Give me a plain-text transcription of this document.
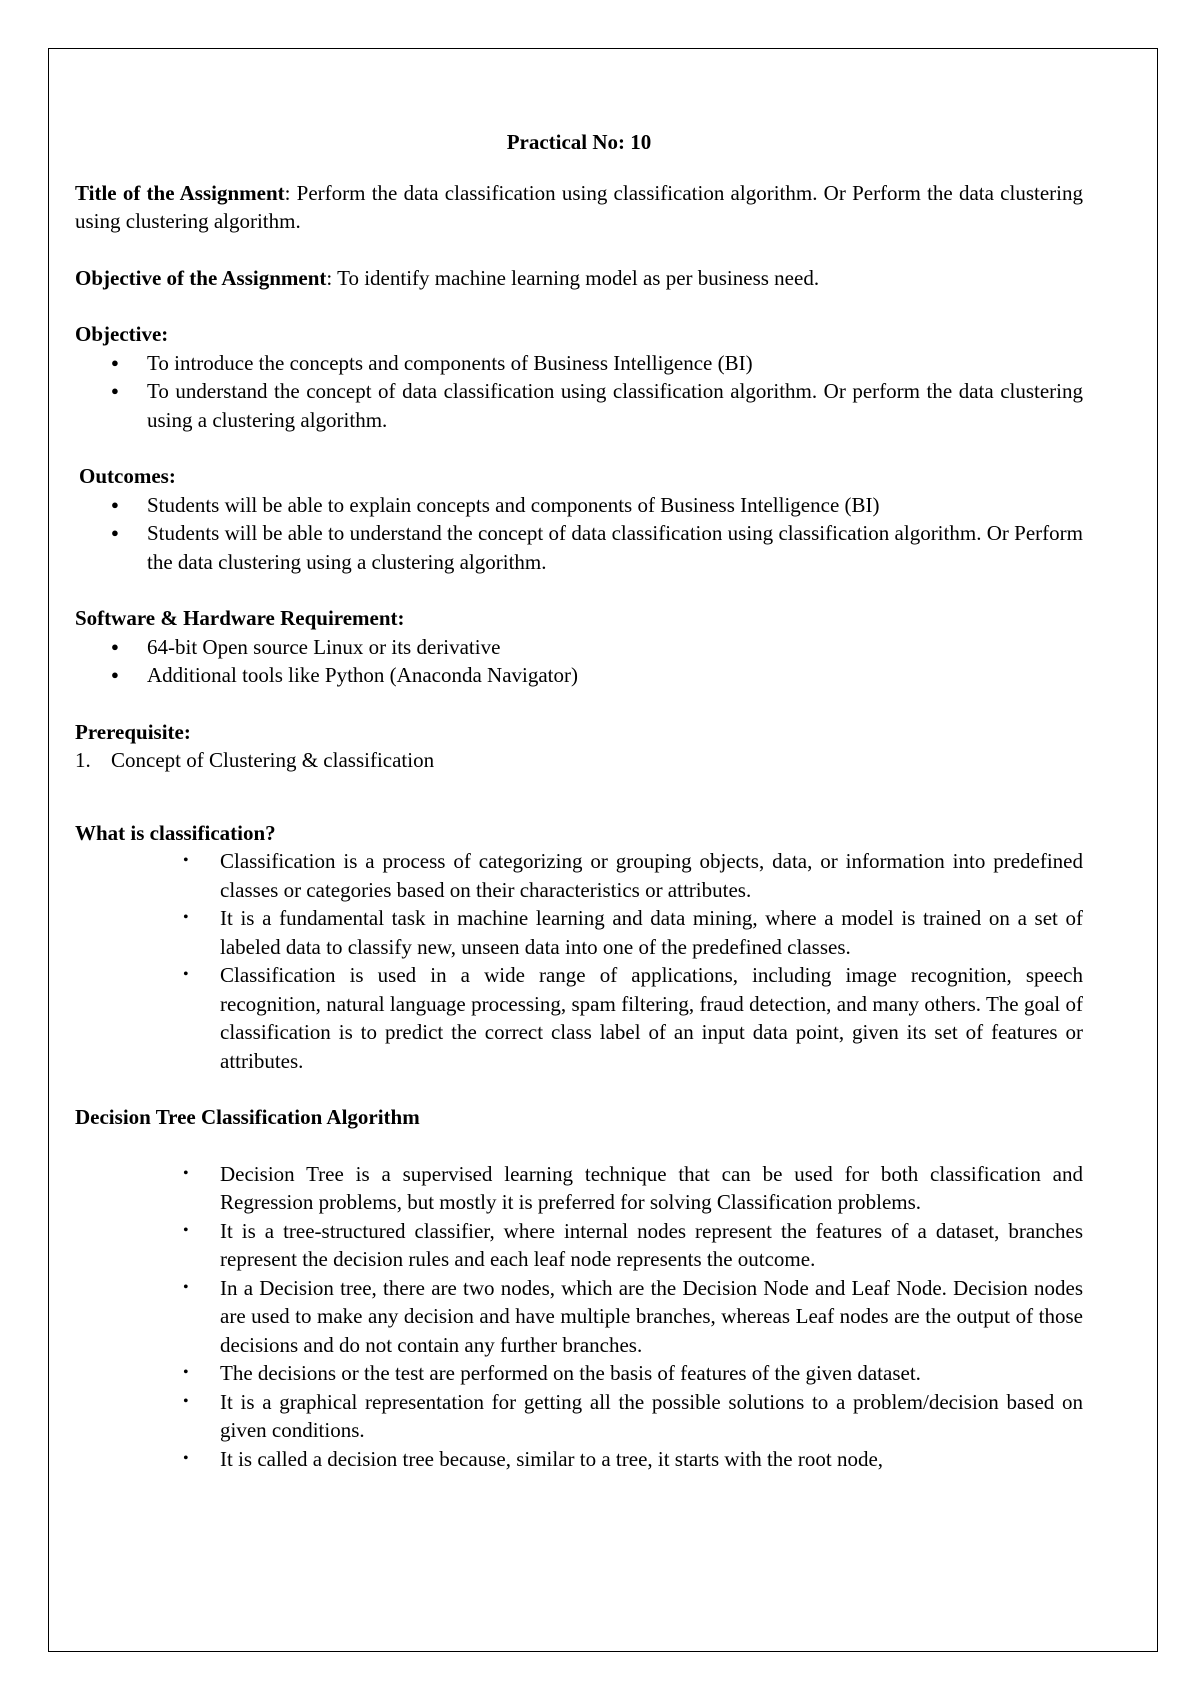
Practical No: 10

Title of the Assignment: Perform the data classification using classification algorithm. Or Perform the data clustering using clustering algorithm.

Objective of the Assignment: To identify machine learning model as per business need.

Objective:

● To introduce the concepts and components of Business Intelligence (BI)
● To understand the concept of data classification using classification algorithm. Or perform the data clustering using a clustering algorithm.

Outcomes:

● Students will be able to explain concepts and components of Business Intelligence (BI)
● Students will be able to understand the concept of data classification using classification algorithm. Or Perform the data clustering using a clustering algorithm.

Software & Hardware Requirement:

● 64-bit Open source Linux or its derivative
● Additional tools like Python (Anaconda Navigator)

Prerequisite:

1. Concept of Clustering & classification

What is classification?

• Classification is a process of categorizing or grouping objects, data, or information into predefined classes or categories based on their characteristics or attributes.
• It is a fundamental task in machine learning and data mining, where a model is trained on a set of labeled data to classify new, unseen data into one of the predefined classes.
• Classification is used in a wide range of applications, including image recognition, speech recognition, natural language processing, spam filtering, fraud detection, and many others. The goal of classification is to predict the correct class label of an input data point, given its set of features or attributes.

Decision Tree Classification Algorithm

• Decision Tree is a supervised learning technique that can be used for both classification and Regression problems, but mostly it is preferred for solving Classification problems.
• It is a tree-structured classifier, where internal nodes represent the features of a dataset, branches represent the decision rules and each leaf node represents the outcome.
• In a Decision tree, there are two nodes, which are the Decision Node and Leaf Node. Decision nodes are used to make any decision and have multiple branches, whereas Leaf nodes are the output of those decisions and do not contain any further branches.
• The decisions or the test are performed on the basis of features of the given dataset.
• It is a graphical representation for getting all the possible solutions to a problem/decision based on given conditions.
• It is called a decision tree because, similar to a tree, it starts with the root node,
